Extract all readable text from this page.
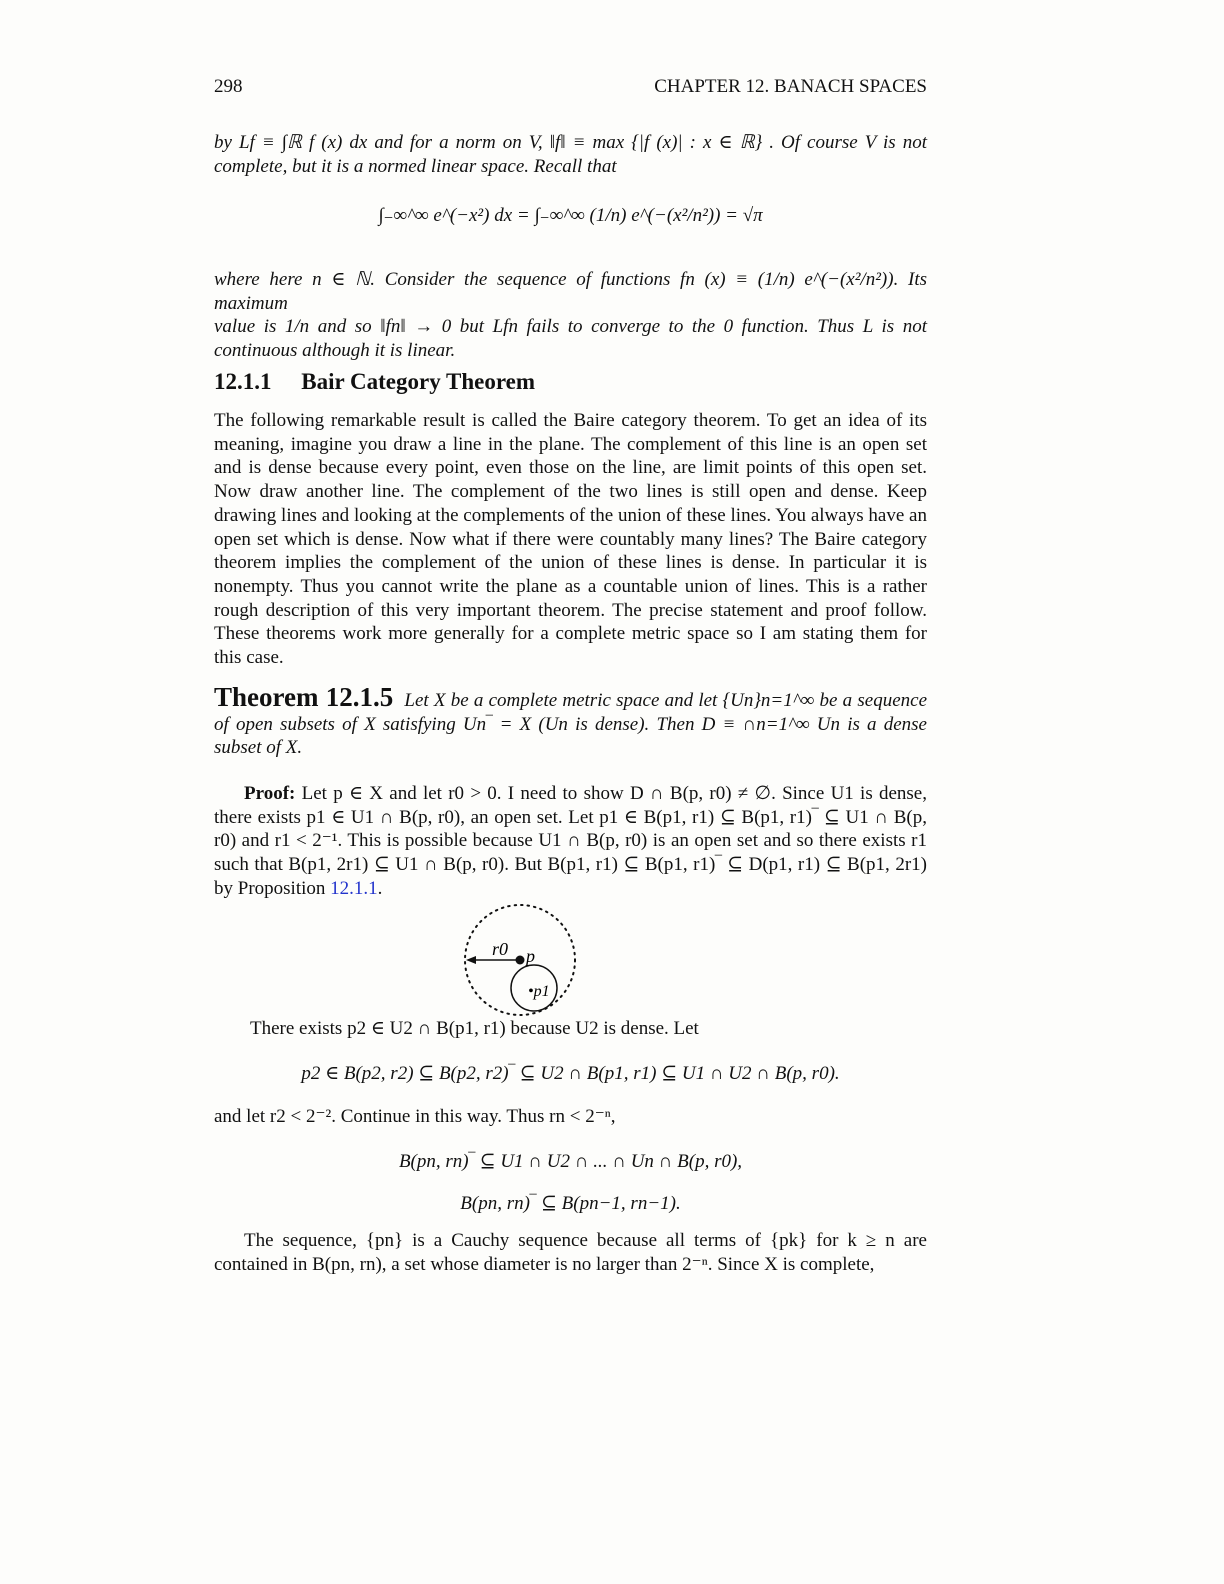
298	CHAPTER 12. BANACH SPACES
by Lf ≡ ∫ℝ f (x) dx and for a norm on V, ‖f‖ ≡ max {|f (x)| : x ∈ ℝ} . Of course V is not
complete, but it is a normed linear space. Recall that
∫₋∞^∞ e^(−x²) dx = ∫₋∞^∞ (1/n) e^(−(x²/n²)) = √π
where here n ∈ ℕ. Consider the sequence of functions fn (x) ≡ (1/n) e^(−(x²/n²)). Its maximum
value is 1/n and so ‖fn‖ → 0 but Lfn fails to converge to the 0 function. Thus L is not
continuous although it is linear.
12.1.1 Bair Category Theorem
The following remarkable result is called the Baire category theorem. To get an idea of its meaning, imagine you draw a line in the plane. The complement of this line is an open set and is dense because every point, even those on the line, are limit points of this open set. Now draw another line. The complement of the two lines is still open and dense. Keep drawing lines and looking at the complements of the union of these lines. You always have an open set which is dense. Now what if there were countably many lines? The Baire category theorem implies the complement of the union of these lines is dense. In particular it is nonempty. Thus you cannot write the plane as a countable union of lines. This is a rather rough description of this very important theorem. The precise statement and proof follow. These theorems work more generally for a complete metric space so I am stating them for this case.
Theorem 12.1.5 Let X be a complete metric space and let {Un}n=1^∞ be a sequence of open subsets of X satisfying Un‾ = X (Un is dense). Then D ≡ ∩n=1^∞ Un is a dense subset of X.
Proof: Let p ∈ X and let r0 > 0. I need to show D ∩ B(p, r0) ≠ ∅. Since U1 is dense, there exists p1 ∈ U1 ∩ B(p, r0), an open set. Let p1 ∈ B(p1, r1) ⊆ B(p1, r1)‾ ⊆ U1 ∩ B(p, r0) and r1 < 2⁻¹. This is possible because U1 ∩ B(p, r0) is an open set and so there exists r1 such that B(p1, 2r1) ⊆ U1 ∩ B(p, r0). But B(p1, r1) ⊆ B(p1, r1)‾ ⊆ D(p1, r1) ⊆ B(p1, 2r1) by Proposition 12.1.1.
r0 p
•p1
There exists p2 ∈ U2 ∩ B(p1, r1) because U2 is dense. Let
p2 ∈ B(p2, r2) ⊆ B(p2, r2)‾ ⊆ U2 ∩ B(p1, r1) ⊆ U1 ∩ U2 ∩ B(p, r0).
and let r2 < 2⁻². Continue in this way. Thus rn < 2⁻ⁿ,
B(pn, rn)‾ ⊆ U1 ∩ U2 ∩ ... ∩ Un ∩ B(p, r0),
B(pn, rn)‾ ⊆ B(pn−1, rn−1).
The sequence, {pn} is a Cauchy sequence because all terms of {pk} for k ≥ n are contained in B(pn, rn), a set whose diameter is no larger than 2⁻ⁿ. Since X is complete,
